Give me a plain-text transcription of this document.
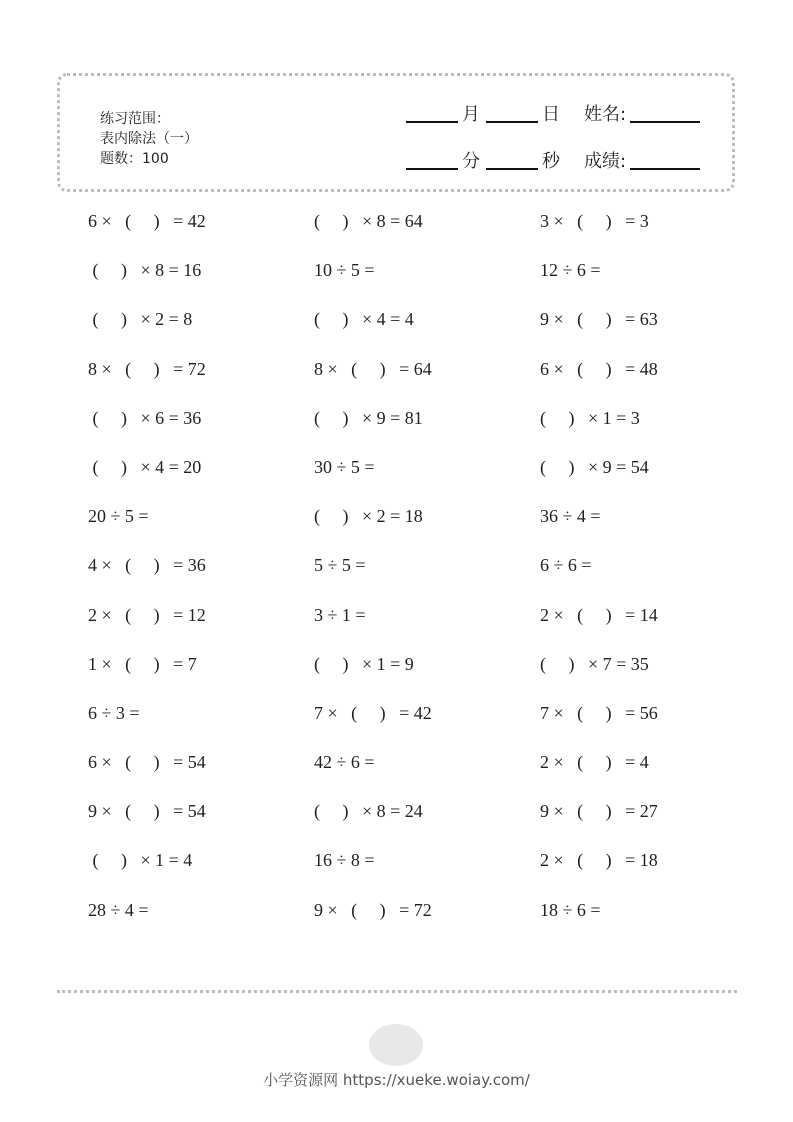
练习范围：
表内除法（一）
题数：100
月	日 姓名:
分	秒 成绩:
6 ×   (     )   = 42	(     )   × 8 = 64	3 ×   (     )   = 3
(     )   × 8 = 16	10 ÷ 5 =	12 ÷ 6 =
(     )   × 2 = 8	(     )   × 4 = 4	9 ×   (     )   = 63
8 ×   (     )   = 72	8 ×   (     )   = 64	6 ×   (     )   = 48
(     )   × 6 = 36	(     )   × 9 = 81	(     )   × 1 = 3
(     )   × 4 = 20	30 ÷ 5 =	(     )   × 9 = 54
20 ÷ 5 =	(     )   × 2 = 18	36 ÷ 4 =
4 ×   (     )   = 36	5 ÷ 5 =	6 ÷ 6 =
2 ×   (     )   = 12	3 ÷ 1 =	2 ×   (     )   = 14
1 ×   (     )   = 7	(     )   × 1 = 9	(     )   × 7 = 35
6 ÷ 3 =	7 ×   (     )   = 42	7 ×   (     )   = 56
6 ×   (     )   = 54	42 ÷ 6 =	2 ×   (     )   = 4
9 ×   (     )   = 54	(     )   × 8 = 24	9 ×   (     )   = 27
(     )   × 1 = 4	16 ÷ 8 =	2 ×   (     )   = 18
28 ÷ 4 =	9 ×   (     )   = 72	18 ÷ 6 =
小学资源网 https://xueke.woiay.com/
